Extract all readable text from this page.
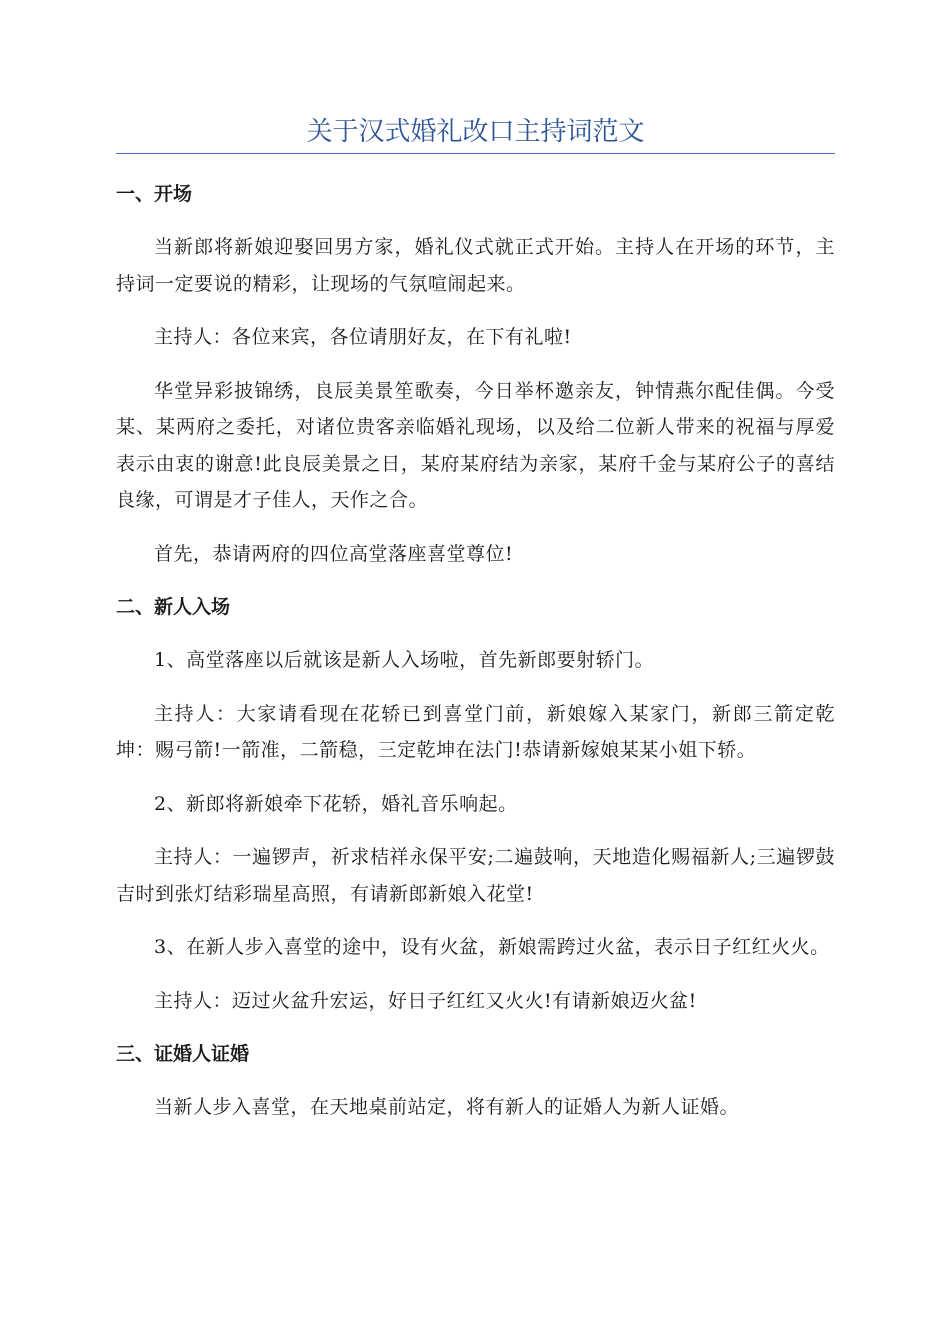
关于汉式婚礼改口主持词范文
一、开场

当新郎将新娘迎娶回男方家，婚礼仪式就正式开始。主持人在开场的环节，主持词一定要说的精彩，让现场的气氛喧闹起来。

主持人：各位来宾，各位请朋好友，在下有礼啦!

华堂异彩披锦绣，良辰美景笙歌奏，今日举杯邀亲友，钟情燕尔配佳偶。今受某、某两府之委托，对诸位贵客亲临婚礼现场，以及给二位新人带来的祝福与厚爱表示由衷的谢意!此良辰美景之日，某府某府结为亲家，某府千金与某府公子的喜结良缘，可谓是才子佳人，天作之合。

首先，恭请两府的四位高堂落座喜堂尊位!

二、新人入场

1、高堂落座以后就该是新人入场啦，首先新郎要射轿门。

主持人：大家请看现在花轿已到喜堂门前，新娘嫁入某家门，新郎三箭定乾坤：赐弓箭!一箭准，二箭稳，三定乾坤在法门!恭请新嫁娘某某小姐下轿。

2、新郎将新娘牵下花轿，婚礼音乐响起。

主持人：一遍锣声，祈求桔祥永保平安;二遍鼓响，天地造化赐福新人;三遍锣鼓吉时到张灯结彩瑞星高照，有请新郎新娘入花堂!

3、在新人步入喜堂的途中，设有火盆，新娘需跨过火盆，表示日子红红火火。

主持人：迈过火盆升宏运，好日子红红又火火!有请新娘迈火盆!

三、证婚人证婚

当新人步入喜堂，在天地桌前站定，将有新人的证婚人为新人证婚。
